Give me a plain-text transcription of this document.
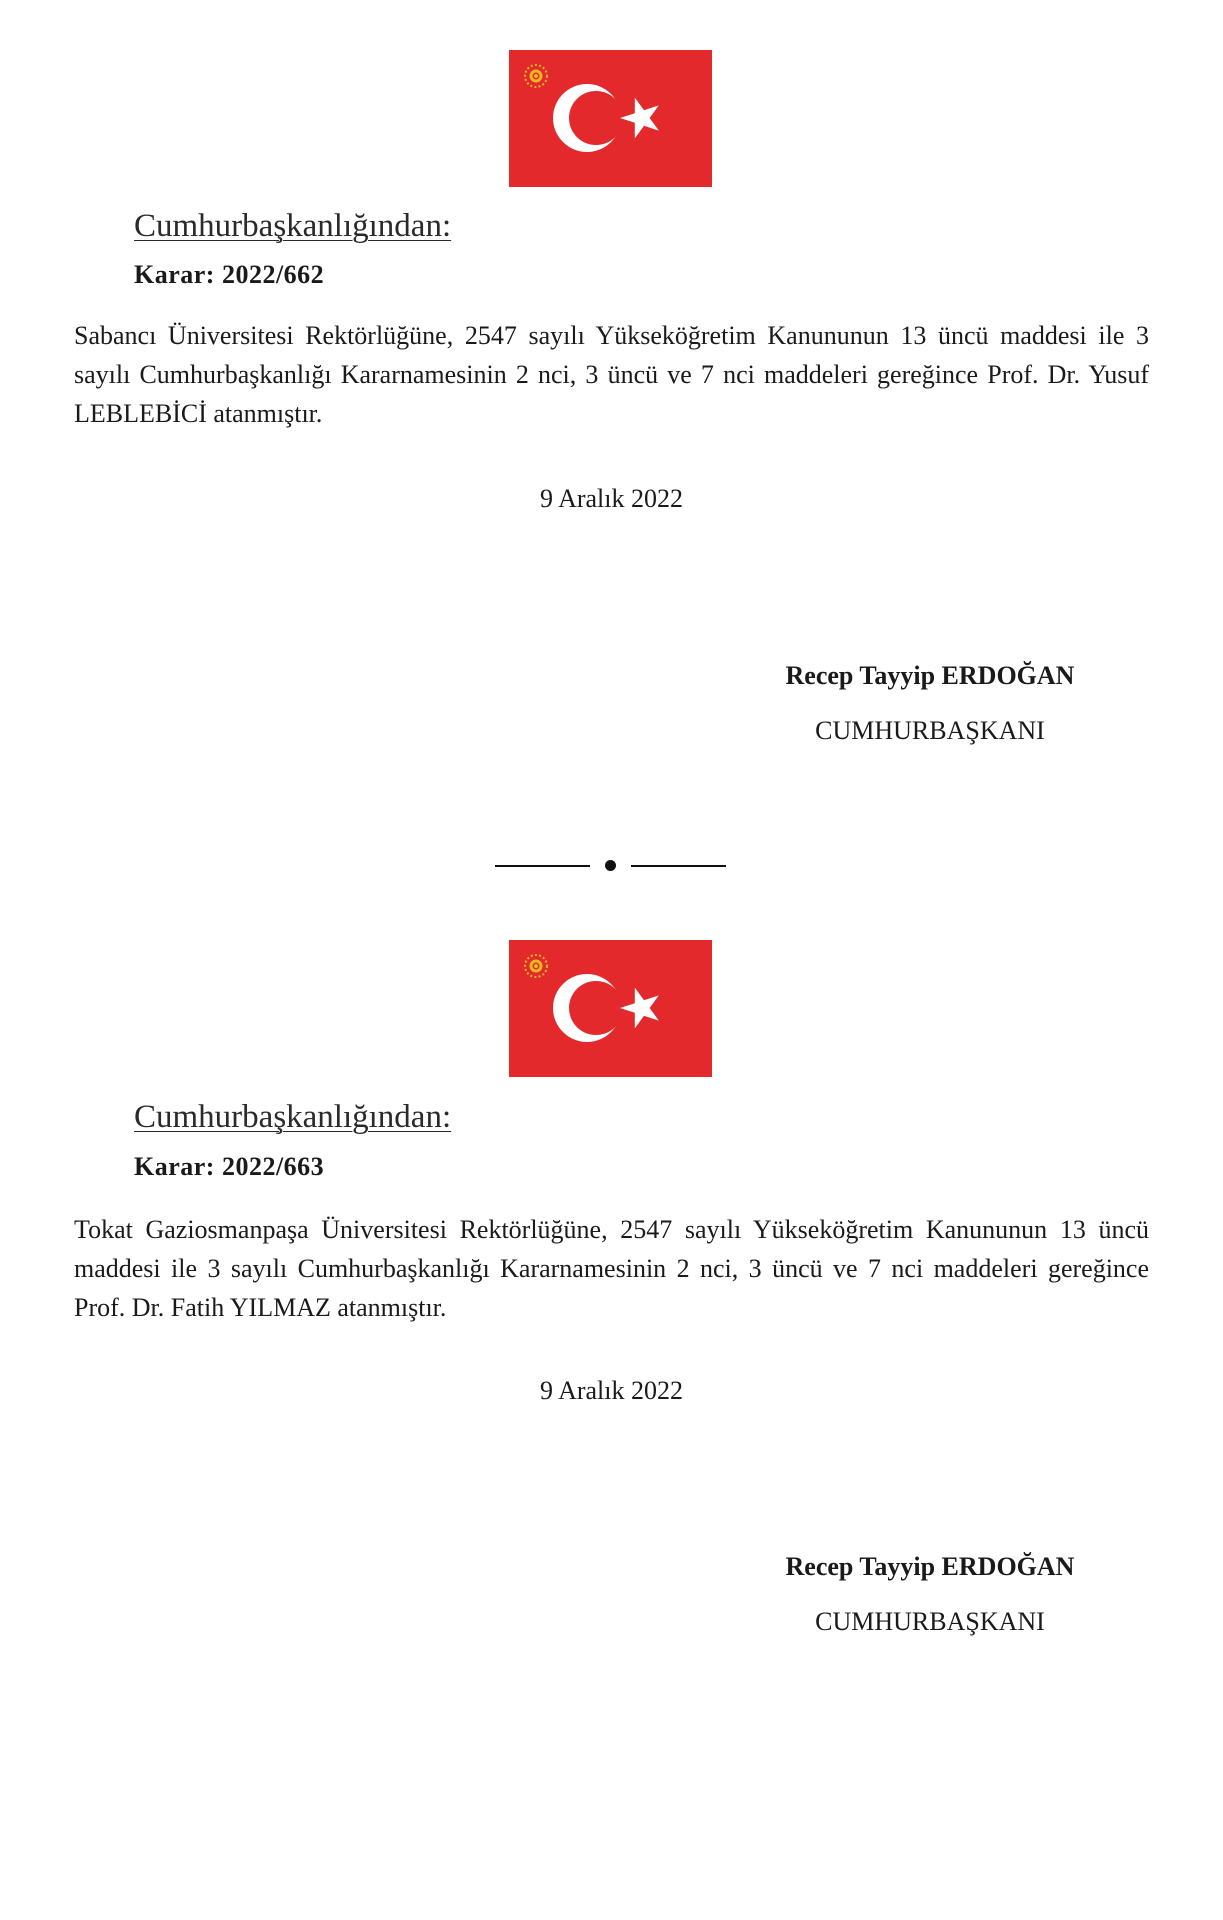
Cumhurbaşkanlığından:
Karar: 2022/662

Sabancı Üniversitesi Rektörlüğüne, 2547 sayılı Yükseköğretim Kanununun 13 üncü maddesi ile 3 sayılı Cumhurbaşkanlığı Kararnamesinin 2 nci, 3 üncü ve 7 nci maddeleri gereğince Prof. Dr. Yusuf LEBLEBİCİ atanmıştır.

9 Aralık 2022
Recep Tayyip ERDOĞAN
CUMHURBAŞKANI
Cumhurbaşkanlığından:
Karar: 2022/663

Tokat Gaziosmanpaşa Üniversitesi Rektörlüğüne, 2547 sayılı Yükseköğretim Kanununun 13 üncü maddesi ile 3 sayılı Cumhurbaşkanlığı Kararnamesinin 2 nci, 3 üncü ve 7 nci maddeleri gereğince Prof. Dr. Fatih YILMAZ atanmıştır.

9 Aralık 2022
Recep Tayyip ERDOĞAN
CUMHURBAŞKANI
